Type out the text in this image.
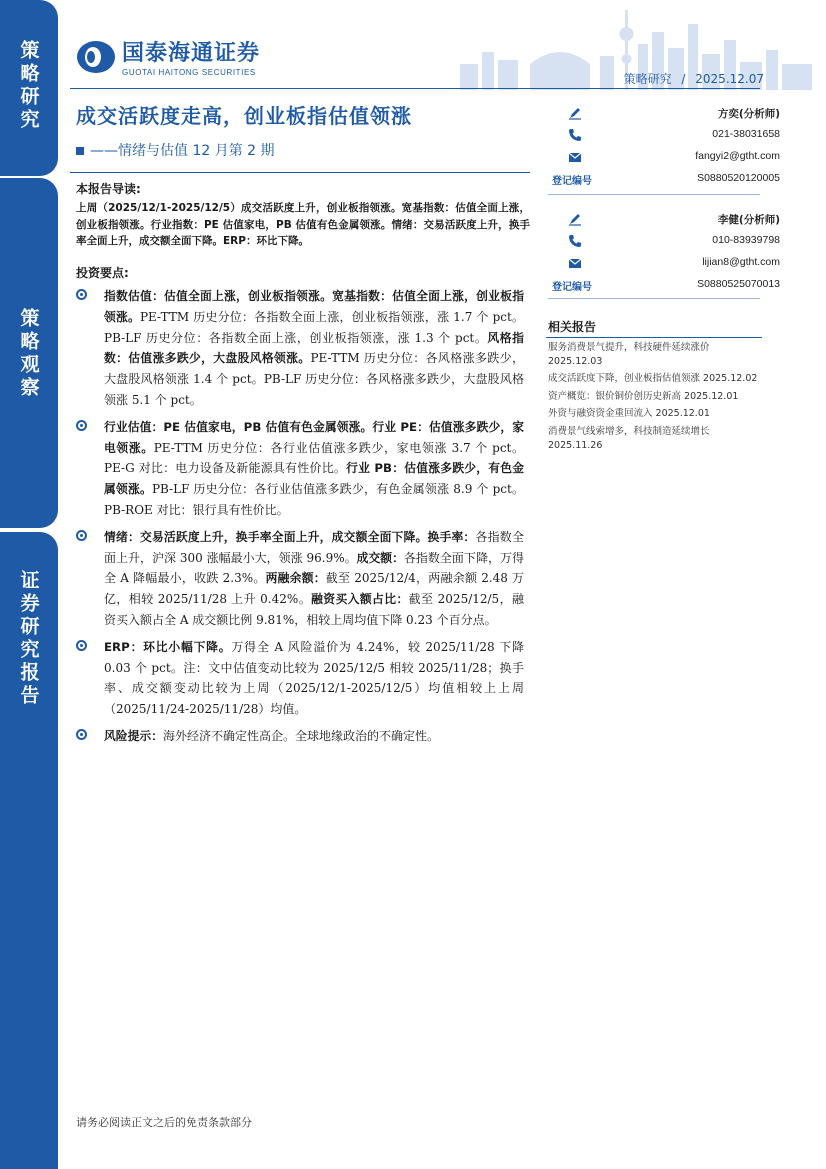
策略研究
策略观察
证券研究报告
国泰海通证券
GUOTAI HAITONG SECURITIES	策略研究 / 2025.12.07
成交活跃度走高，创业板指估值领涨
——情绪与估值 12 月第 2 期
本报告导读:
上周（2025/12/1-2025/12/5）成交活跃度上升，创业板指领涨。宽基指数：估值全面上涨，创业板指领涨。行业指数：PE 估值家电，PB 估值有色金属领涨。情绪：交易活跃度上升，换手率全面上升，成交额全面下降。ERP：环比下降。
投资要点:
指数估值：估值全面上涨，创业板指领涨。宽基指数：估值全面上涨，创业板指领涨。PE-TTM 历史分位：各指数全面上涨，创业板指领涨，涨 1.7 个 pct。PB-LF 历史分位：各指数全面上涨，创业板指领涨，涨 1.3 个 pct。风格指数：估值涨多跌少，大盘股风格领涨。PE-TTM 历史分位：各风格涨多跌少，大盘股风格领涨 1.4 个 pct。PB-LF 历史分位：各风格涨多跌少，大盘股风格领涨 5.1 个 pct。
行业估值：PE 估值家电，PB 估值有色金属领涨。行业 PE：估值涨多跌少，家电领涨。PE-TTM 历史分位：各行业估值涨多跌少，家电领涨 3.7 个 pct。PE-G 对比：电力设备及新能源具有性价比。行业 PB：估值涨多跌少，有色金属领涨。PB-LF 历史分位：各行业估值涨多跌少，有色金属领涨 8.9 个 pct。PB-ROE 对比：银行具有性价比。
情绪：交易活跃度上升，换手率全面上升，成交额全面下降。换手率：各指数全面上升，沪深 300 涨幅最小大，领涨 96.9%。成交额：各指数全面下降，万得全 A 降幅最小，收跌 2.3%。两融余额：截至 2025/12/4，两融余额 2.48 万亿，相较 2025/11/28 上升 0.42%。融资买入额占比：截至 2025/12/5，融资买入额占全 A 成交额比例 9.81%，相较上周均值下降 0.23 个百分点。
ERP：环比小幅下降。万得全 A 风险溢价为 4.24%，较 2025/11/28 下降 0.03 个 pct。注：文中估值变动比较为 2025/12/5 相较 2025/11/28；换手率、成交额变动比较为上周（2025/12/1-2025/12/5）均值相较上上周（2025/11/24-2025/11/28）均值。
风险提示：海外经济不确定性高企。全球地缘政治的不确定性。
方奕(分析师)
021-38031658
fangyi2@gtht.com
登记编号	S0880520120005
李健(分析师)
010-83939798
lijian8@gtht.com
登记编号	S0880525070013
相关报告
服务消费景气提升，科技硬件延续涨价 2025.12.03
成交活跃度下降，创业板指估值领涨 2025.12.02
资产概览：银价铜价创历史新高 2025.12.01
外资与融资资金重回流入 2025.12.01
消费景气线索增多，科技制造延续增长 2025.11.26
请务必阅读正文之后的免责条款部分
